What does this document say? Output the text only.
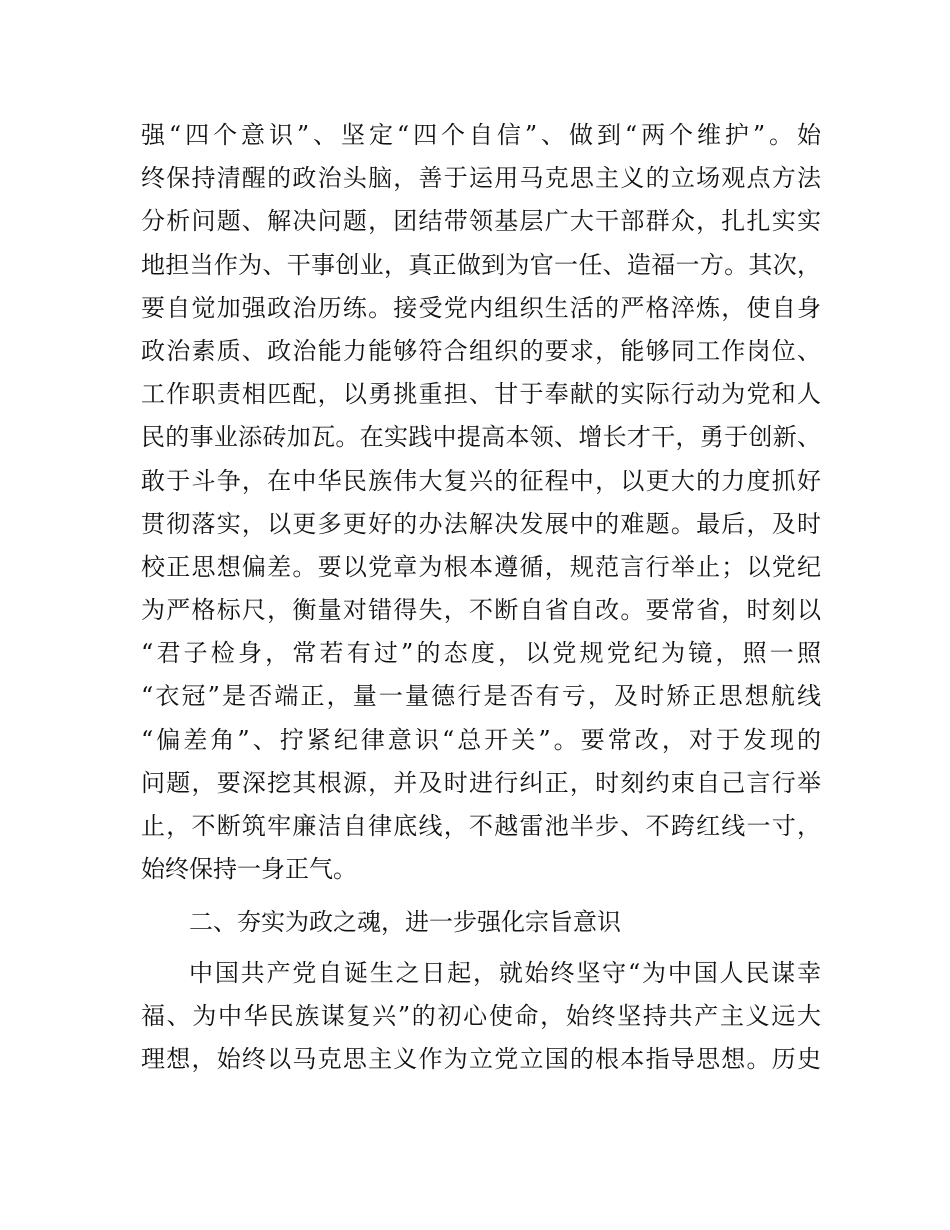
强“四个意识”、坚定“四个自信”、做到“两个维护”。始
终保持清醒的政治头脑，善于运用马克思主义的立场观点方法
分析问题、解决问题，团结带领基层广大干部群众，扎扎实实
地担当作为、干事创业，真正做到为官一任、造福一方。其次，
要自觉加强政治历练。接受党内组织生活的严格淬炼，使自身
政治素质、政治能力能够符合组织的要求，能够同工作岗位、
工作职责相匹配，以勇挑重担、甘于奉献的实际行动为党和人
民的事业添砖加瓦。在实践中提高本领、增长才干，勇于创新、
敢于斗争，在中华民族伟大复兴的征程中，以更大的力度抓好
贯彻落实，以更多更好的办法解决发展中的难题。最后，及时
校正思想偏差。要以党章为根本遵循，规范言行举止；以党纪
为严格标尺，衡量对错得失，不断自省自改。要常省，时刻以
“君子检身，常若有过”的态度，以党规党纪为镜，照一照
“衣冠”是否端正，量一量德行是否有亏，及时矫正思想航线
“偏差角”、拧紧纪律意识“总开关”。要常改，对于发现的
问题，要深挖其根源，并及时进行纠正，时刻约束自己言行举
止，不断筑牢廉洁自律底线，不越雷池半步、不跨红线一寸，
始终保持一身正气。
二、夯实为政之魂，进一步强化宗旨意识
中国共产党自诞生之日起，就始终坚守“为中国人民谋幸
福、为中华民族谋复兴”的初心使命，始终坚持共产主义远大
理想，始终以马克思主义作为立党立国的根本指导思想。历史
